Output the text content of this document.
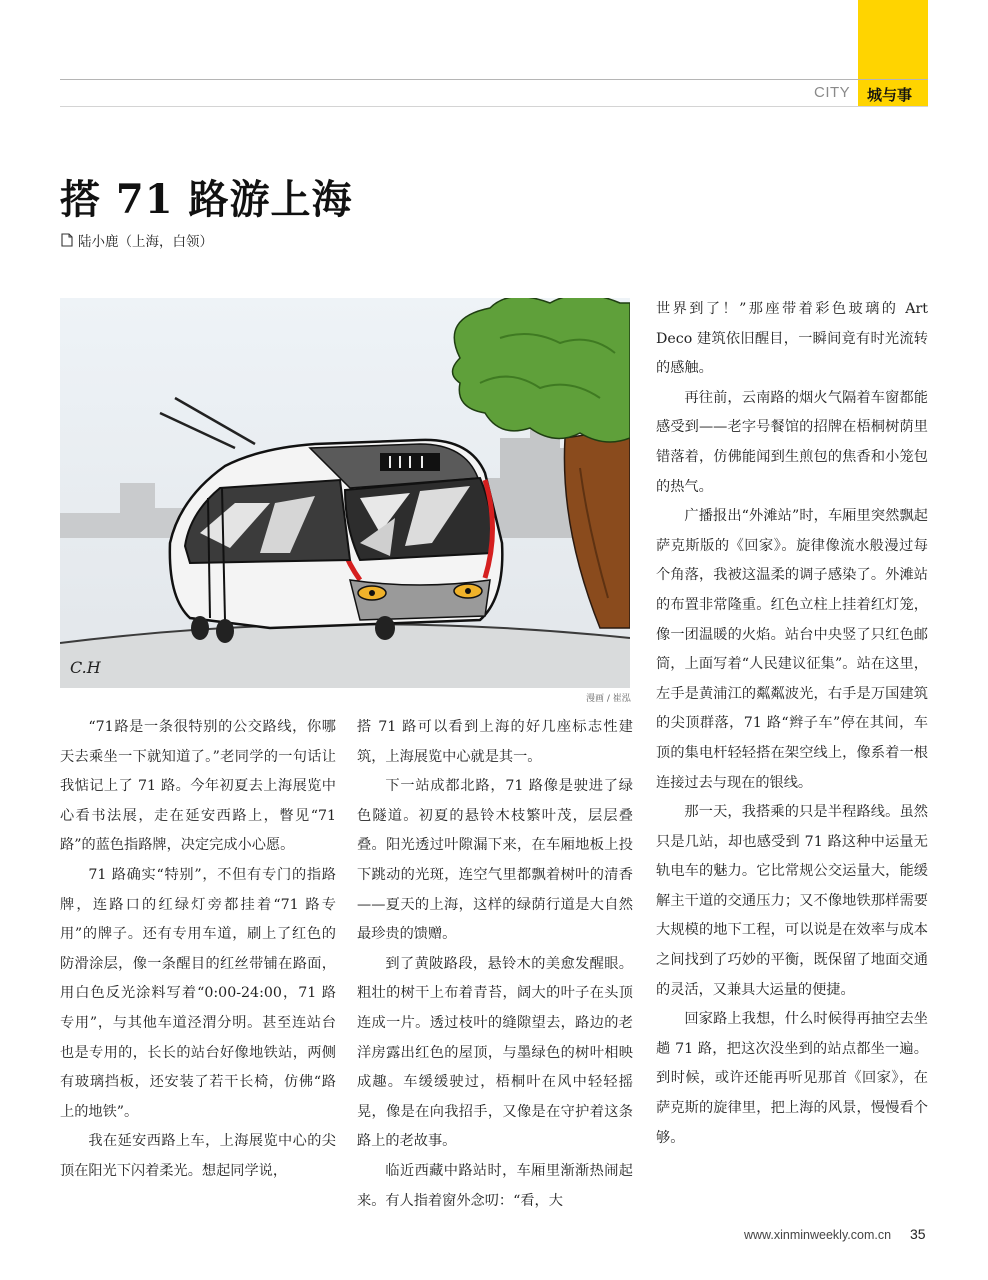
CITY 城与事
搭 71 路游上海
陆小鹿（上海，白领）
C.H
漫画 / 崔泓

“71路是一条很特别的公交路线，你哪天去乘坐一下就知道了。”老同学的一句话让我惦记上了 71 路。今年初夏去上海展览中心看书法展，走在延安西路上，瞥见“71 路”的蓝色指路牌，决定完成小心愿。

71 路确实“特别”，不但有专门的指路牌，连路口的红绿灯旁都挂着“71 路专用”的牌子。还有专用车道，刷上了红色的防滑涂层，像一条醒目的红丝带铺在路面，用白色反光涂料写着“0:00-24:00，71 路专用”，与其他车道泾渭分明。甚至连站台也是专用的，长长的站台好像地铁站，两侧有玻璃挡板，还安装了若干长椅，仿佛“路上的地铁”。

我在延安西路上车，上海展览中心的尖顶在阳光下闪着柔光。想起同学说，

搭 71 路可以看到上海的好几座标志性建筑，上海展览中心就是其一。

下一站成都北路，71 路像是驶进了绿色隧道。初夏的悬铃木枝繁叶茂，层层叠叠。阳光透过叶隙漏下来，在车厢地板上投下跳动的光斑，连空气里都飘着树叶的清香——夏天的上海，这样的绿荫行道是大自然最珍贵的馈赠。

到了黄陂路段，悬铃木的美愈发醒眼。粗壮的树干上布着青苔，阔大的叶子在头顶连成一片。透过枝叶的缝隙望去，路边的老洋房露出红色的屋顶，与墨绿色的树叶相映成趣。车缓缓驶过，梧桐叶在风中轻轻摇晃，像是在向我招手，又像是在守护着这条路上的老故事。

临近西藏中路站时，车厢里渐渐热闹起来。有人指着窗外念叨：“看，大

世界到了！”那座带着彩色玻璃的 Art Deco 建筑依旧醒目，一瞬间竟有时光流转的感触。

再往前，云南路的烟火气隔着车窗都能感受到——老字号餐馆的招牌在梧桐树荫里错落着，仿佛能闻到生煎包的焦香和小笼包的热气。

广播报出“外滩站”时，车厢里突然飘起萨克斯版的《回家》。旋律像流水般漫过每个角落，我被这温柔的调子感染了。外滩站的布置非常隆重。红色立柱上挂着红灯笼，像一团温暖的火焰。站台中央竖了只红色邮筒，上面写着“人民建议征集”。站在这里，左手是黄浦江的粼粼波光，右手是万国建筑的尖顶群落，71 路“辫子车”停在其间，车顶的集电杆轻轻搭在架空线上，像系着一根连接过去与现在的银线。

那一天，我搭乘的只是半程路线。虽然只是几站，却也感受到 71 路这种中运量无轨电车的魅力。它比常规公交运量大，能缓解主干道的交通压力；又不像地铁那样需要大规模的地下工程，可以说是在效率与成本之间找到了巧妙的平衡，既保留了地面交通的灵活，又兼具大运量的便捷。

回家路上我想，什么时候得再抽空去坐趟 71 路，把这次没坐到的站点都坐一遍。到时候，或许还能再听见那首《回家》，在萨克斯的旋律里，把上海的风景，慢慢看个够。

www.xinminweekly.com.cn 35
